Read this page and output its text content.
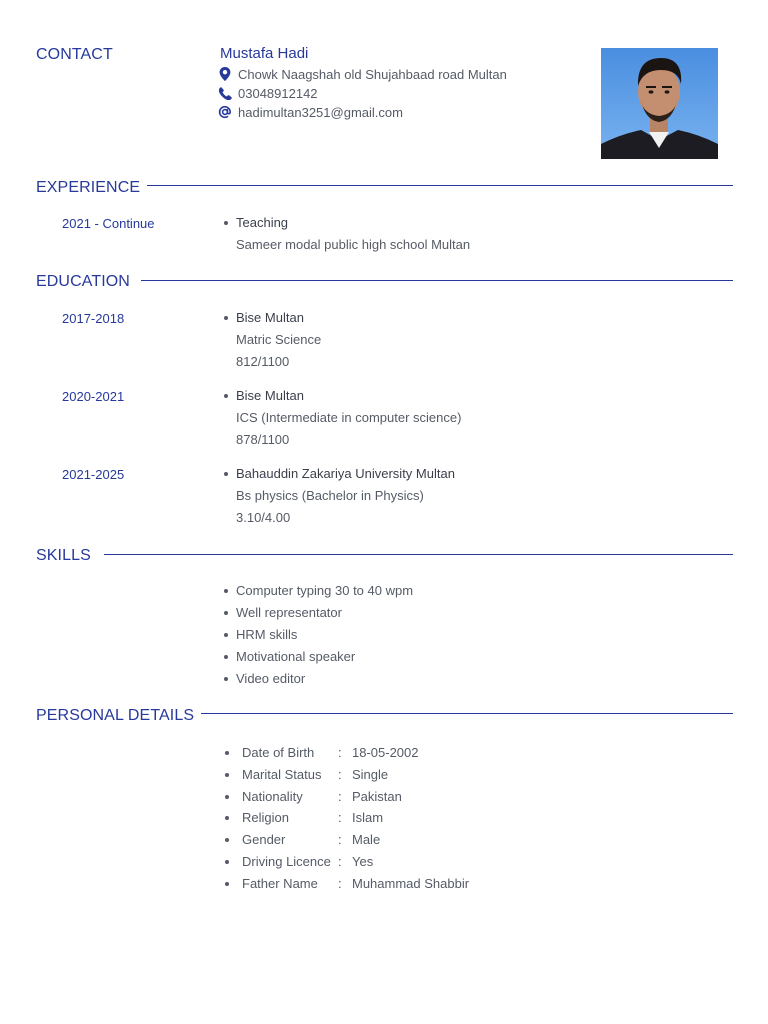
CONTACT	Mustafa Hadi
Chowk Naagshah old Shujahbaad road Multan
03048912142
hadimultan3251@gmail.com
EXPERIENCE
2021 - Continue	Teaching
Sameer modal public high school Multan
EDUCATION
2017-2018	Bise Multan
Matric Science
812/1100
2020-2021	Bise Multan
ICS (Intermediate in computer science)
878/1100
2021-2025	Bahauddin Zakariya University Multan
Bs physics (Bachelor in Physics)
3.10/4.00
SKILLS
Computer typing 30 to 40 wpm
Well representator
HRM skills
Motivational speaker
Video editor
PERSONAL DETAILS
Date of Birth	: 18-05-2002
Marital Status	: Single
Nationality	: Pakistan
Religion	: Islam
Gender	: Male
Driving Licence : Yes
Father Name	: Muhammad Shabbir
